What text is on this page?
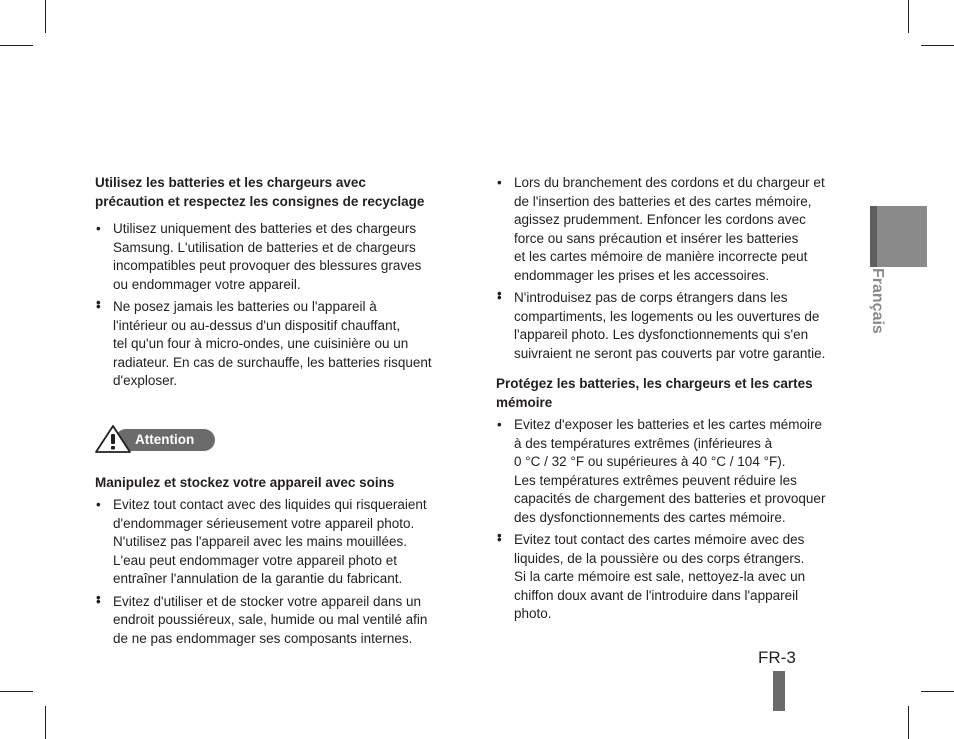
Utilisez les batteries et les chargeurs avec
précaution et respectez les consignes de recyclage

• Utilisez uniquement des batteries et des chargeurs
Samsung. L'utilisation de batteries et de chargeurs
incompatibles peut provoquer des blessures graves
ou endommager votre appareil.
•
• Ne posez jamais les batteries ou l'appareil à
l'intérieur ou au-dessus d'un dispositif chauffant,
tel qu'un four à micro-ondes, une cuisinière ou un
radiateur. En cas de surchauffe, les batteries risquent
d'exploser.
Attention

Manipulez et stockez votre appareil avec soins

• Evitez tout contact avec des liquides qui risqueraient
d'endommager sérieusement votre appareil photo.
N'utilisez pas l'appareil avec les mains mouillées.
L'eau peut endommager votre appareil photo et
entraîner l'annulation de la garantie du fabricant.
•
• Evitez d'utiliser et de stocker votre appareil dans un
endroit poussiéreux, sale, humide ou mal ventilé afin
de ne pas endommager ses composants internes.
• Lors du branchement des cordons et du chargeur et
de l'insertion des batteries et des cartes mémoire,
agissez prudemment. Enfoncer les cordons avec
force ou sans précaution et insérer les batteries
et les cartes mémoire de manière incorrecte peut
endommager les prises et les accessoires.
•
• N'introduisez pas de corps étrangers dans les
compartiments, les logements ou les ouvertures de
l'appareil photo. Les dysfonctionnements qui s'en
suivraient ne seront pas couverts par votre garantie.

Protégez les batteries, les chargeurs et les cartes
mémoire

• Evitez d'exposer les batteries et les cartes mémoire
à des températures extrêmes (inférieures à
0 °C / 32 °F ou supérieures à 40 °C / 104 °F).
Les températures extrêmes peuvent réduire les
capacités de chargement des batteries et provoquer
des dysfonctionnements des cartes mémoire.
•
• Evitez tout contact des cartes mémoire avec des
liquides, de la poussière ou des corps étrangers.
Si la carte mémoire est sale, nettoyez-la avec un
chiffon doux avant de l'introduire dans l'appareil
photo.
Français
FR-3
